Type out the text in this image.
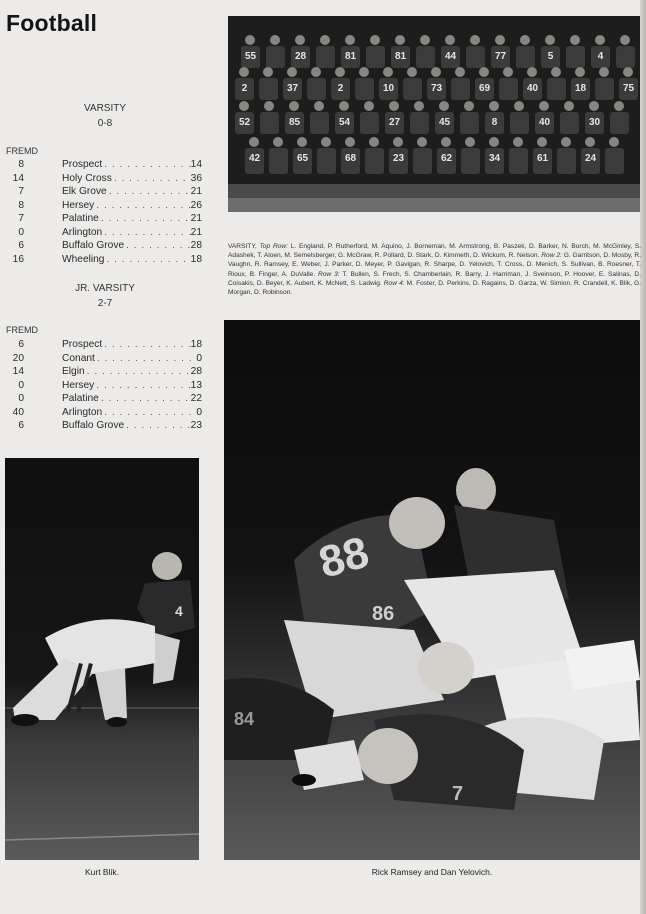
Football
VARSITY
0-8
FREMD
8	Prospect . . .	14
14	Holy Cross . . .	36
7	Elk Grove . . .	21
8	Hersey . . .	26
7	Palatine . . .	21
0	Arlington . . .	21
6	Buffalo Grove . . .	28
16	Wheeling . . .	18
JR. VARSITY
2-7
FREMD
6	Prospect . . .	18
20	Conant . . .	0
14	Elgin . . .	28
0	Hersey . . .	13
0	Palatine . . .	22
40	Arlington . . .	0
6	Buffalo Grove . . .	23
55	28	81	81	44	77	5	4
2	37	2	10	73	69	40	18	75
52	85	54	27	45	8	40	30
42	65	68	23	62	34	61	24
VARSITY, Top Row: L. England, P. Rutherford, M. Aquino, J. Borneman, M. Armstrong, B. Paszek, D. Barker, N. Burch, M. McGinley, S. Adashek, T. Aloen, M. Semelsberger, G. McGraw, R. Pollard, D. Stark, D. Kimmeth, D. Wickum, R. Nelson. Row 2: G. Garritson, D. Mosby, R. Vaughn, R. Ramsey, E. Weber, J. Parker, D. Meyer, P. Gavigan, R. Sharpe, D. Yelovich, T. Cross, D. Menich, S. Sullivan, B. Roesner, T. Rioux, B. Finger, A. DuValle. Row 3: T. Bullen, S. Frech, S. Chamberlain, R. Barry, J. Harriman, J. Sveinson, P. Hoover, E. Salinas, D. Coisakis, D. Beyer, K. Aubert, K. McNett, S. Ladwig. Row 4: M. Foster, D. Perkins, D. Ragains, D. Garza, W. Simion, R. Crandell, K. Blik, G. Morgan, D. Robinson.
4
Kurt Blik.
88
86
7
84
Rick Ramsey and Dan Yelovich.
